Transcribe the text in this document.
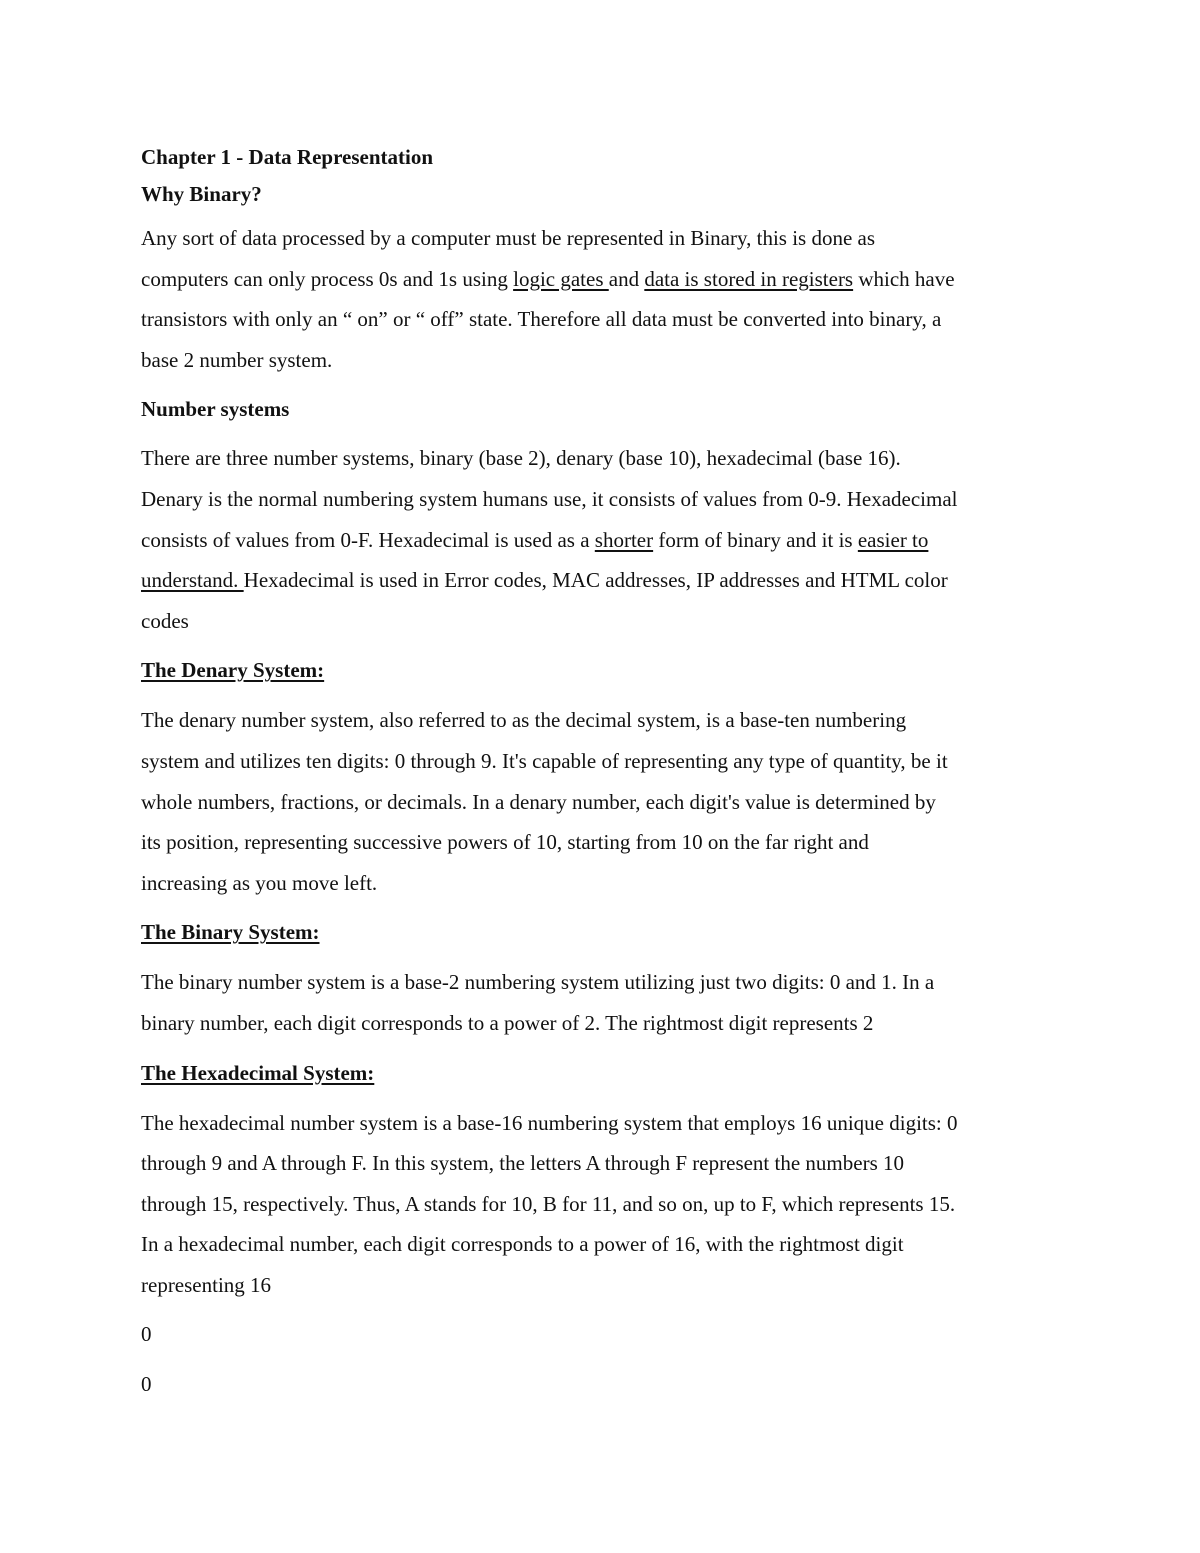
Chapter 1 - Data Representation
Why Binary?
Any sort of data processed by a computer must be represented in Binary, this is done as
computers can only process 0s and 1s using logic gates and data is stored in registers which have
transistors with only an “ on” or “ off” state. Therefore all data must be converted into binary, a
base 2 number system.
Number systems
There are three number systems, binary (base 2), denary (base 10), hexadecimal (base 16).
Denary is the normal numbering system humans use, it consists of values from 0-9. Hexadecimal
consists of values from 0-F. Hexadecimal is used as a shorter form of binary and it is easier to
understand. Hexadecimal is used in Error codes, MAC addresses, IP addresses and HTML color
codes
The Denary System:
The denary number system, also referred to as the decimal system, is a base-ten numbering
system and utilizes ten digits: 0 through 9. It's capable of representing any type of quantity, be it
whole numbers, fractions, or decimals. In a denary number, each digit's value is determined by
its position, representing successive powers of 10, starting from 10 on the far right and
increasing as you move left.
The Binary System:
The binary number system is a base-2 numbering system utilizing just two digits: 0 and 1. In a
binary number, each digit corresponds to a power of 2. The rightmost digit represents 2
The Hexadecimal System:
The hexadecimal number system is a base-16 numbering system that employs 16 unique digits: 0
through 9 and A through F. In this system, the letters A through F represent the numbers 10
through 15, respectively. Thus, A stands for 10, B for 11, and so on, up to F, which represents 15.
In a hexadecimal number, each digit corresponds to a power of 16, with the rightmost digit
representing 16
0
0
